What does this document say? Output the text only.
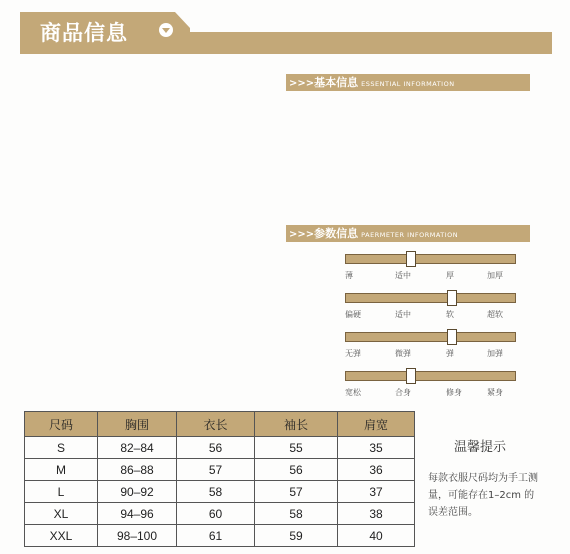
商品信息
>>>基本信息 ESSENTIAL INFORMATION
>>>参数信息 PAERMETER INFORMATION
薄	适中	厚	加厚
偏硬	适中	软	超软
无弹	微弹	弹	加弹
宽松	合身	修身	紧身
尺码	胸围	衣长	袖长	肩宽
S	82–84	56	55	35
M	86–88	57	56	36
L	90–92	58	57	37
XL	94–96	60	58	38
XXL	98–100	61	59	40
温馨提示
每款衣服尺码均为手工测量，可能存在1–2cm 的误差范围。
